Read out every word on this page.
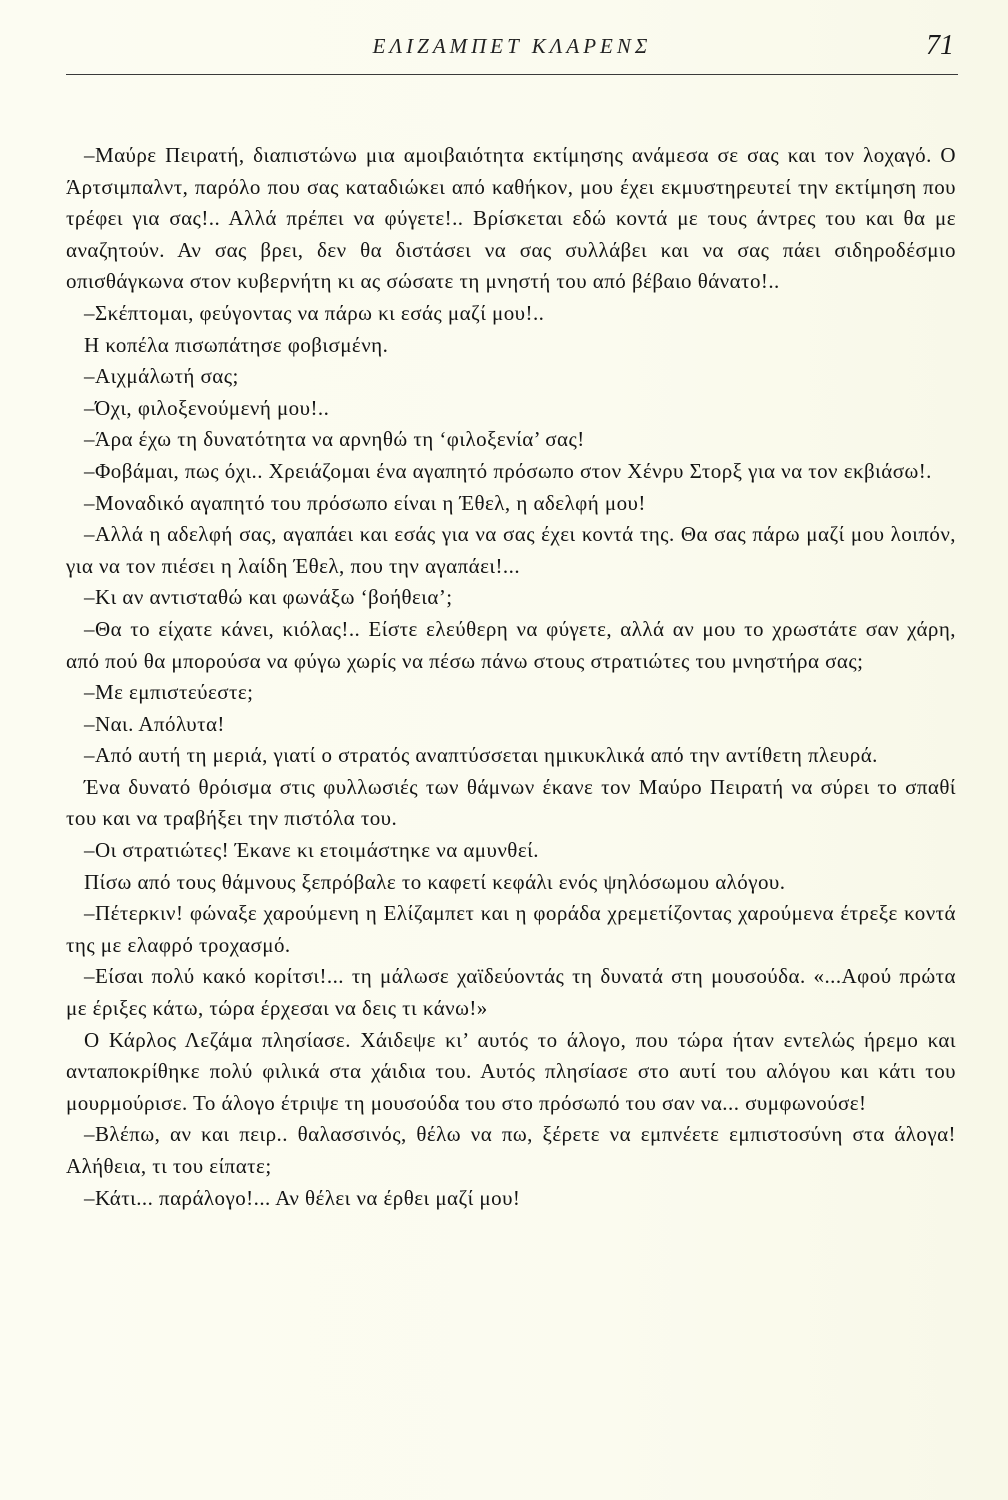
ΕΛΙΖΑΜΠΕΤ ΚΛΑΡΕΝΣ	71

–Μαύρε Πειρατή, διαπιστώνω μια αμοιβαιότητα εκτίμησης ανάμεσα σε σας και τον λοχαγό. Ο Άρτσιμπαλντ, παρόλο που σας καταδιώκει από καθήκον, μου έχει εκμυστηρευτεί την εκτίμηση που τρέφει για σας!.. Αλλά πρέπει να φύγετε!.. Βρίσκεται εδώ κοντά με τους άντρες του και θα με αναζητούν. Αν σας βρει, δεν θα διστάσει να σας συλλάβει και να σας πάει σιδηροδέσμιο οπισθάγκωνα στον κυβερνήτη κι ας σώσατε τη μνηστή του από βέβαιο θάνατο!..

–Σκέπτομαι, φεύγοντας να πάρω κι εσάς μαζί μου!..

Η κοπέλα πισωπάτησε φοβισμένη.

–Αιχμάλωτή σας;

–Όχι, φιλοξενούμενή μου!..

–Άρα έχω τη δυνατότητα να αρνηθώ τη ‘φιλοξενία’ σας!

–Φοβάμαι, πως όχι.. Χρειάζομαι ένα αγαπητό πρόσωπο στον Χένρυ Στορξ για να τον εκβιάσω!.

–Μοναδικό αγαπητό του πρόσωπο είναι η Έθελ, η αδελφή μου!

–Αλλά η αδελφή σας, αγαπάει και εσάς για να σας έχει κοντά της. Θα σας πάρω μαζί μου λοιπόν, για να τον πιέσει η λαίδη Έθελ, που την αγαπάει!...

–Κι αν αντισταθώ και φωνάξω ‘βοήθεια’;

–Θα το είχατε κάνει, κιόλας!.. Είστε ελεύθερη να φύγετε, αλλά αν μου το χρωστάτε σαν χάρη, από πού θα μπορούσα να φύγω χωρίς να πέσω πάνω στους στρατιώτες του μνηστήρα σας;

–Με εμπιστεύεστε;

–Ναι. Απόλυτα!

–Από αυτή τη μεριά, γιατί ο στρατός αναπτύσσεται ημικυκλικά από την αντίθετη πλευρά.

Ένα δυνατό θρόισμα στις φυλλωσιές των θάμνων έκανε τον Μαύρο Πειρατή να σύρει το σπαθί του και να τραβήξει την πιστόλα του.

–Οι στρατιώτες! Έκανε κι ετοιμάστηκε να αμυνθεί.

Πίσω από τους θάμνους ξεπρόβαλε το καφετί κεφάλι ενός ψηλόσωμου αλόγου.

–Πέτερκιν! φώναξε χαρούμενη η Ελίζαμπετ και η φοράδα χρεμετίζοντας χαρούμενα έτρεξε κοντά της με ελαφρό τροχασμό.

–Είσαι πολύ κακό κορίτσι!... τη μάλωσε χαϊδεύοντάς τη δυνατά στη μουσούδα. «...Αφού πρώτα με έριξες κάτω, τώρα έρχεσαι να δεις τι κάνω!»

Ο Κάρλος Λεζάμα πλησίασε. Χάιδεψε κι’ αυτός το άλογο, που τώρα ήταν εντελώς ήρεμο και ανταποκρίθηκε πολύ φιλικά στα χάιδια του. Αυτός πλησίασε στο αυτί του αλόγου και κάτι του μουρμούρισε. Το άλογο έτριψε τη μουσούδα του στο πρόσωπό του σαν να... συμφωνούσε!

–Βλέπω, αν και πειρ.. θαλασσινός, θέλω να πω, ξέρετε να εμπνέετε εμπιστοσύνη στα άλογα! Αλήθεια, τι του είπατε;

–Κάτι... παράλογο!... Αν θέλει να έρθει μαζί μου!
